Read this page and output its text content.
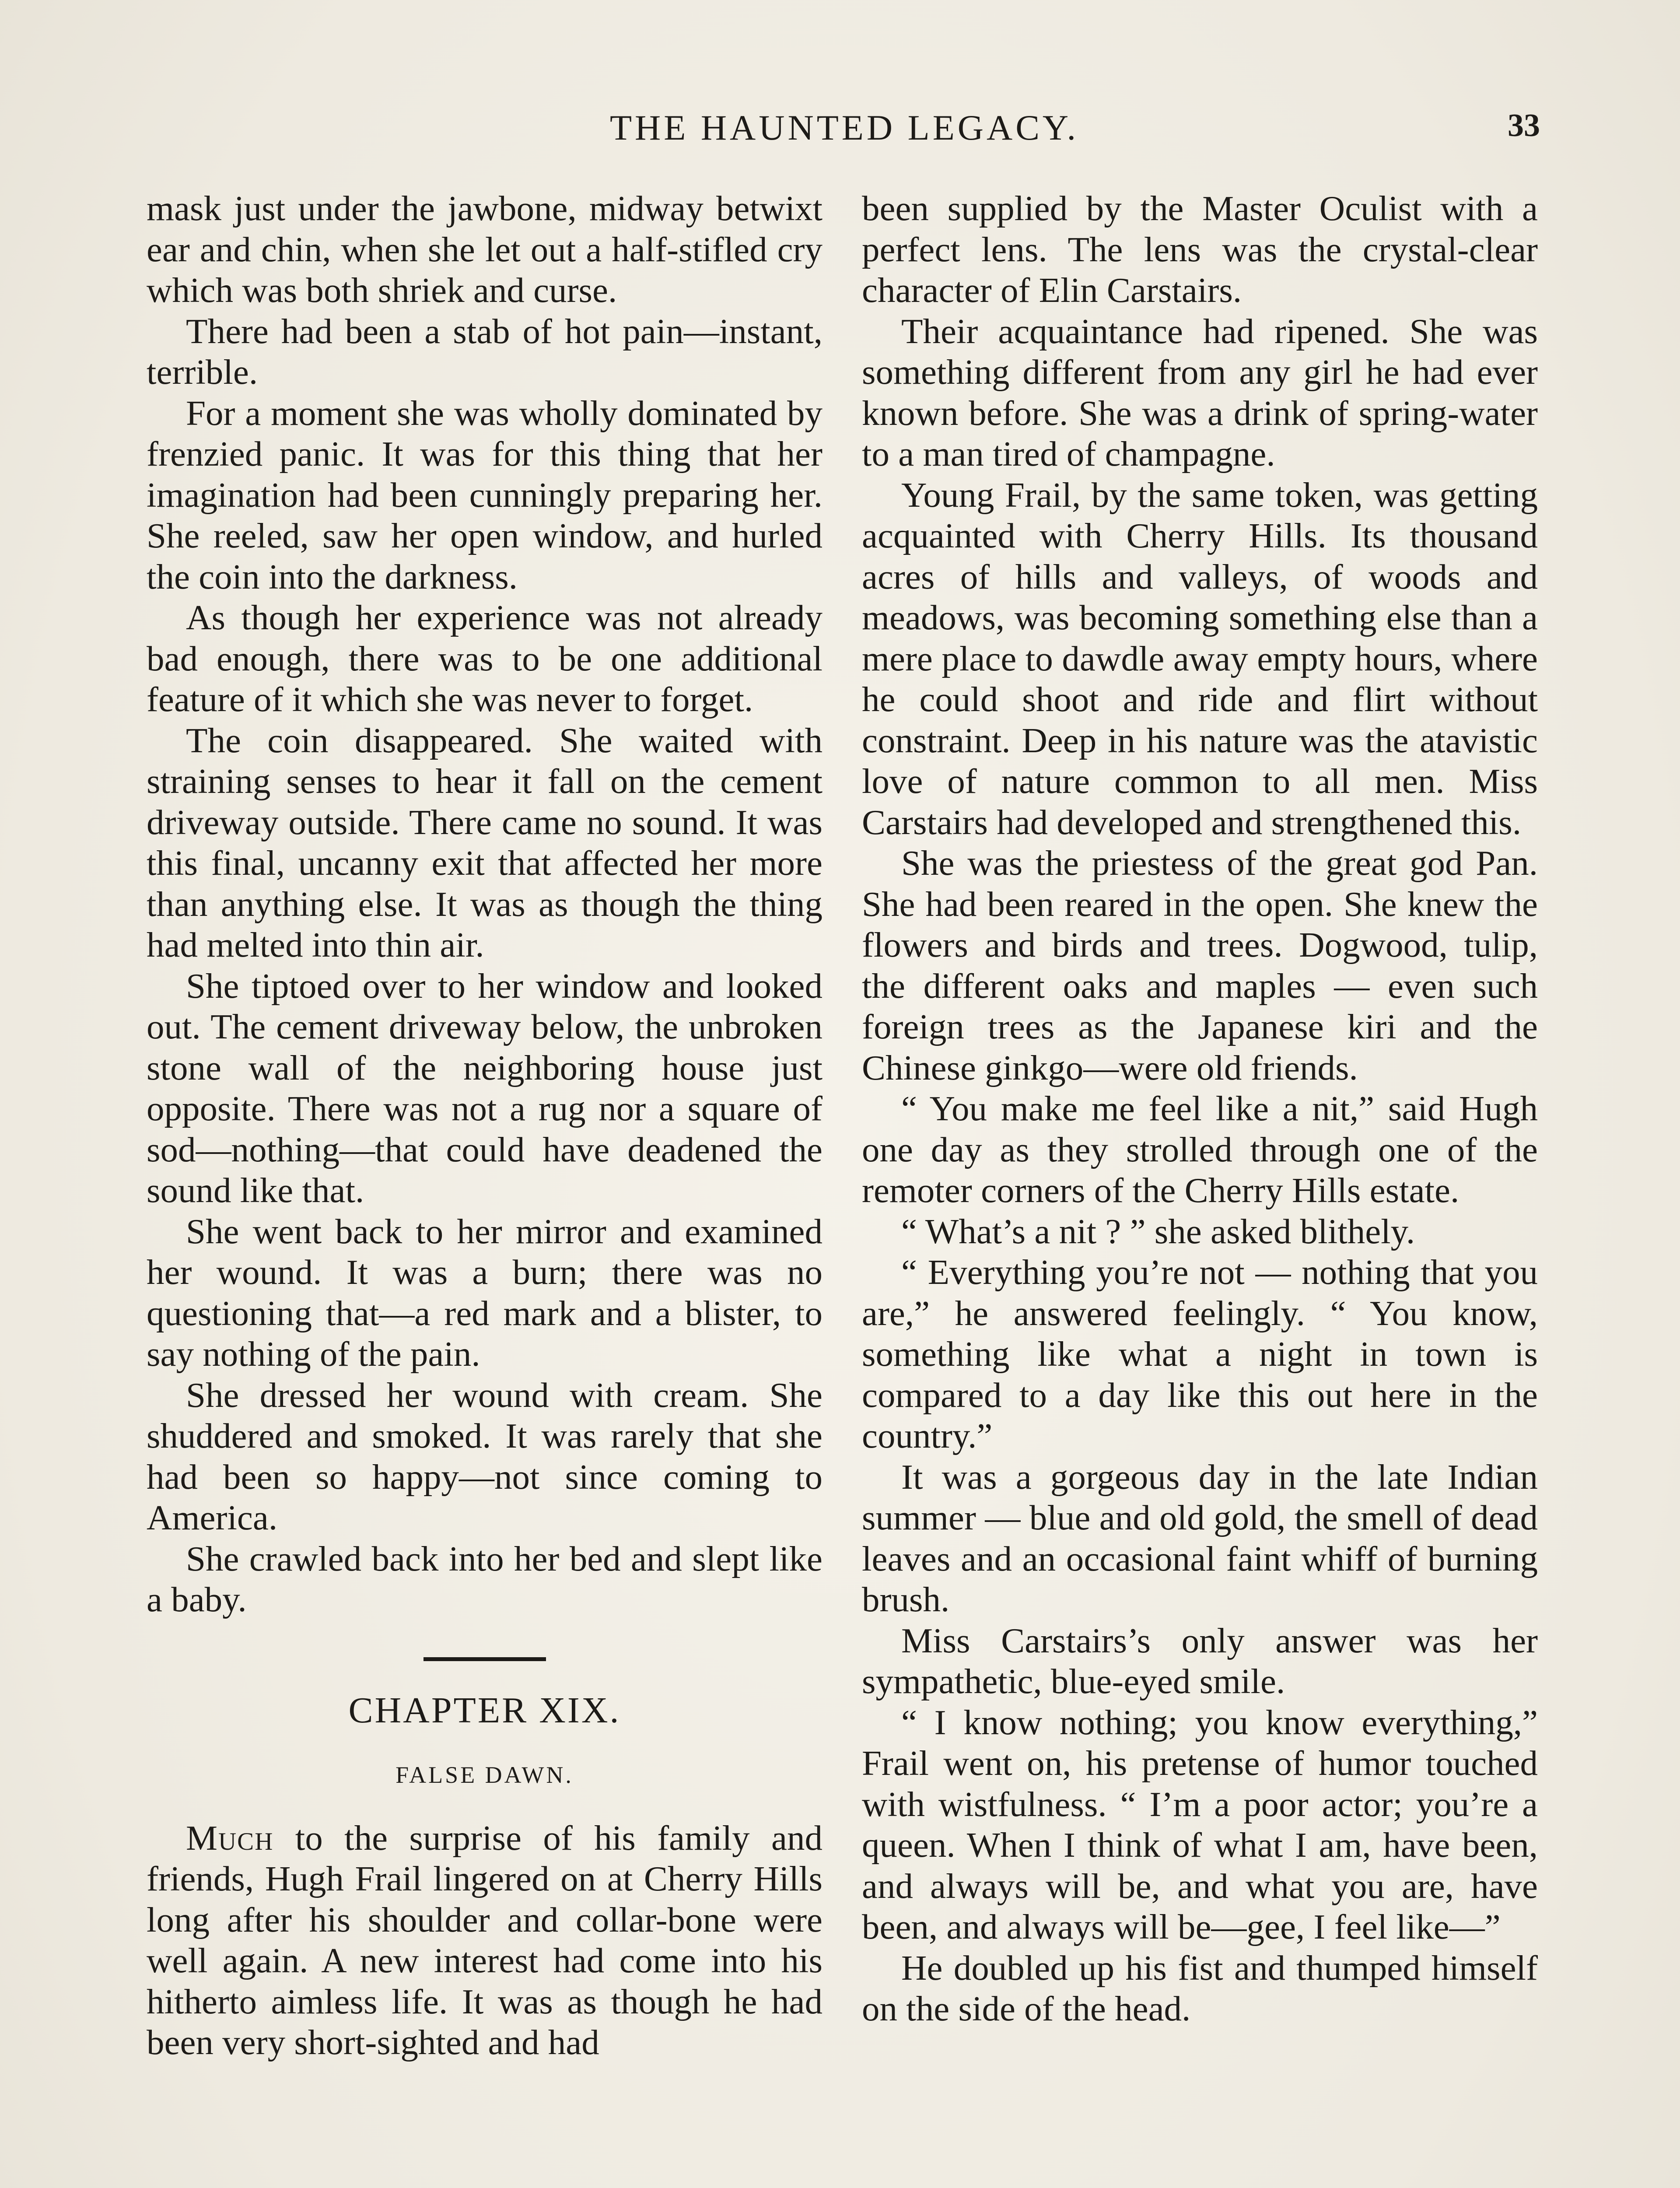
THE HAUNTED LEGACY.	33

mask just under the jawbone, midway betwixt ear and chin, when she let out a half-stifled cry which was both shriek and curse.

There had been a stab of hot pain—instant, terrible.

For a moment she was wholly dominated by frenzied panic. It was for this thing that her imagination had been cunningly preparing her. She reeled, saw her open window, and hurled the coin into the darkness.

As though her experience was not already bad enough, there was to be one additional feature of it which she was never to forget.

The coin disappeared. She waited with straining senses to hear it fall on the cement driveway outside. There came no sound. It was this final, uncanny exit that affected her more than anything else. It was as though the thing had melted into thin air.

She tiptoed over to her window and looked out. The cement driveway below, the unbroken stone wall of the neighboring house just opposite. There was not a rug nor a square of sod—nothing—that could have deadened the sound like that.

She went back to her mirror and examined her wound. It was a burn; there was no questioning that—a red mark and a blister, to say nothing of the pain.

She dressed her wound with cream. She shuddered and smoked. It was rarely that she had been so happy—not since coming to America.

She crawled back into her bed and slept like a baby.

CHAPTER XIX.
FALSE DAWN.

Much to the surprise of his family and friends, Hugh Frail lingered on at Cherry Hills long after his shoulder and collar-bone were well again. A new interest had come into his hitherto aimless life. It was as though he had been very short-sighted and had

been supplied by the Master Oculist with a perfect lens. The lens was the crystal-clear character of Elin Carstairs.

Their acquaintance had ripened. She was something different from any girl he had ever known before. She was a drink of spring-water to a man tired of champagne.

Young Frail, by the same token, was getting acquainted with Cherry Hills. Its thousand acres of hills and valleys, of woods and meadows, was becoming something else than a mere place to dawdle away empty hours, where he could shoot and ride and flirt without constraint. Deep in his nature was the atavistic love of nature common to all men. Miss Carstairs had developed and strengthened this.

She was the priestess of the great god Pan. She had been reared in the open. She knew the flowers and birds and trees. Dogwood, tulip, the different oaks and maples — even such foreign trees as the Japanese kiri and the Chinese ginkgo—were old friends.

“ You make me feel like a nit,” said Hugh one day as they strolled through one of the remoter corners of the Cherry Hills estate.

“ What’s a nit ? ” she asked blithely.

“ Everything you’re not — nothing that you are,” he answered feelingly. “ You know, something like what a night in town is compared to a day like this out here in the country.”

It was a gorgeous day in the late Indian summer — blue and old gold, the smell of dead leaves and an occasional faint whiff of burning brush.

Miss Carstairs’s only answer was her sympathetic, blue-eyed smile.

“ I know nothing; you know everything,” Frail went on, his pretense of humor touched with wistfulness. “ I’m a poor actor; you’re a queen. When I think of what I am, have been, and always will be, and what you are, have been, and always will be—gee, I feel like—”

He doubled up his fist and thumped himself on the side of the head.
